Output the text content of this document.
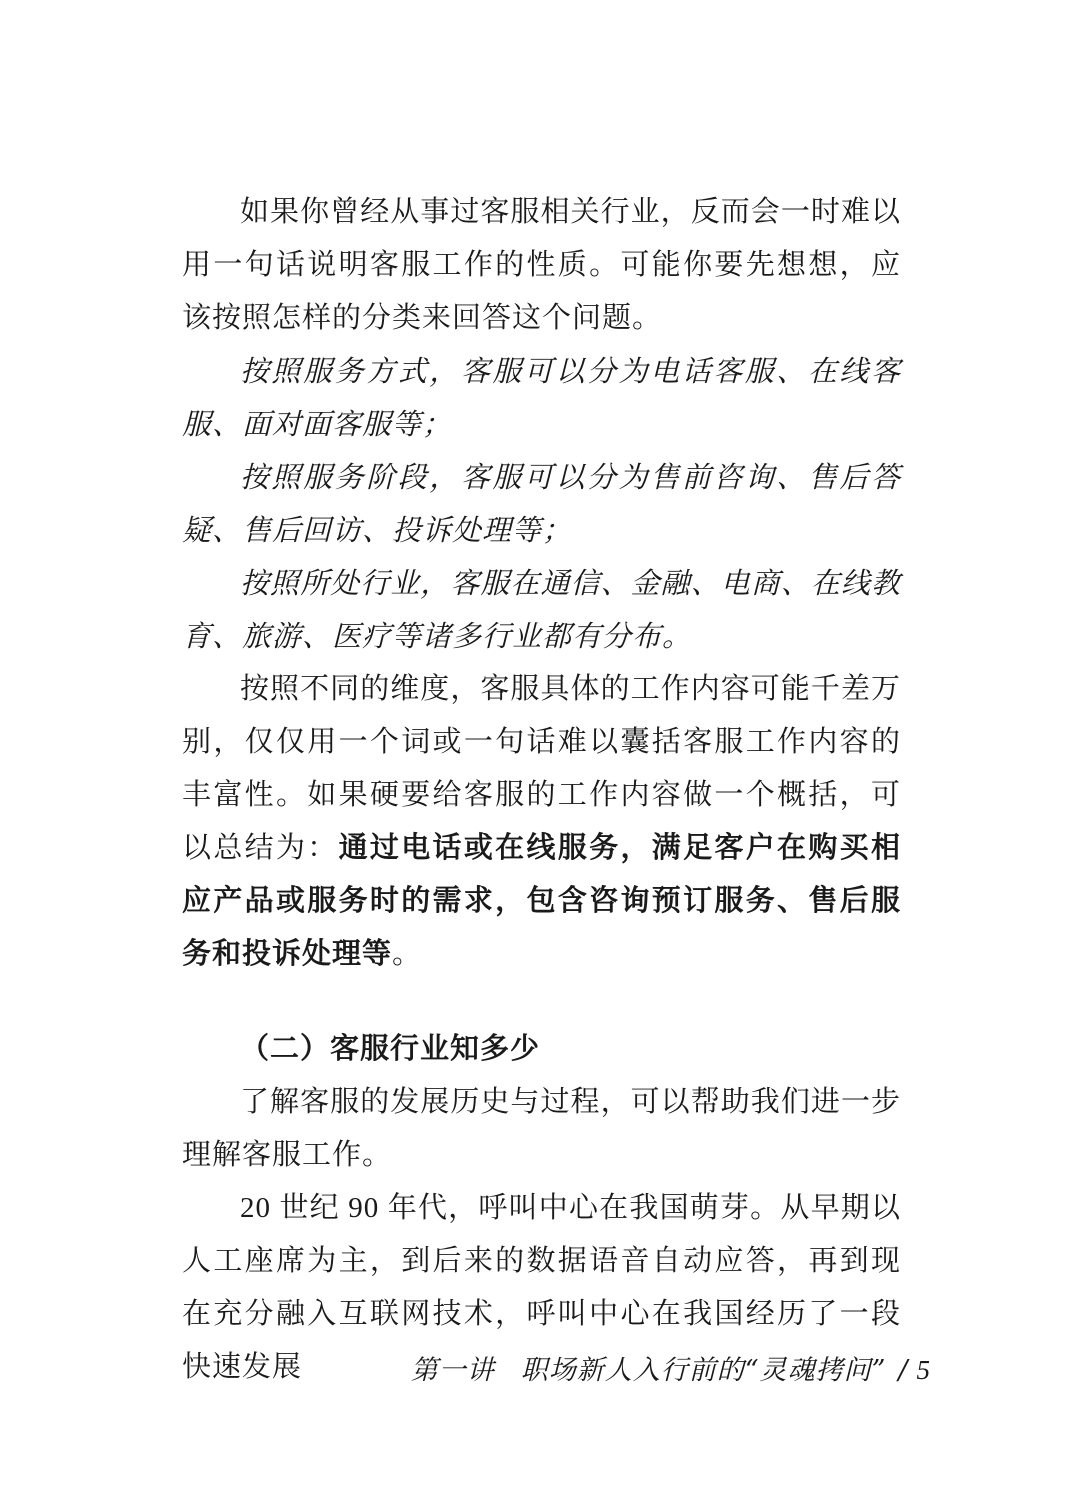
如果你曾经从事过客服相关行业，反而会一时难以用一句话说明客服工作的性质。可能你要先想想，应该按照怎样的分类来回答这个问题。

按照服务方式，客服可以分为电话客服、在线客服、面对面客服等；

按照服务阶段，客服可以分为售前咨询、售后答疑、售后回访、投诉处理等；

按照所处行业，客服在通信、金融、电商、在线教育、旅游、医疗等诸多行业都有分布。

按照不同的维度，客服具体的工作内容可能千差万别，仅仅用一个词或一句话难以囊括客服工作内容的丰富性。如果硬要给客服的工作内容做一个概括，可以总结为：通过电话或在线服务，满足客户在购买相应产品或服务时的需求，包含咨询预订服务、售后服务和投诉处理等。

（二）客服行业知多少

了解客服的发展历史与过程，可以帮助我们进一步理解客服工作。

20 世纪 90 年代，呼叫中心在我国萌芽。从早期以人工座席为主，到后来的数据语音自动应答，再到现在充分融入互联网技术，呼叫中心在我国经历了一段快速发展	第一讲 职场新人入行前的“灵魂拷问” / 5
